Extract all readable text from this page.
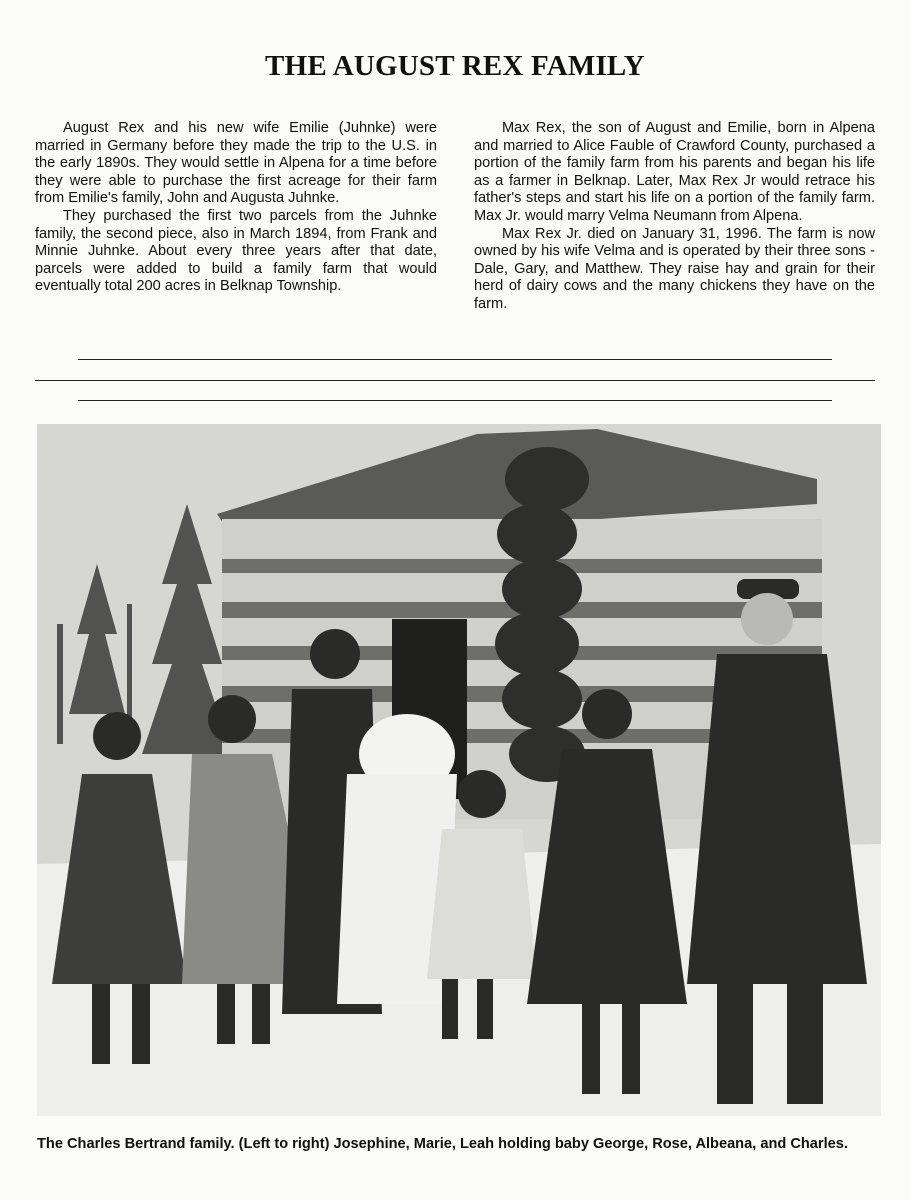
THE AUGUST REX FAMILY

August Rex and his new wife Emilie (Juhnke) were married in Germany before they made the trip to the U.S. in the early 1890s. They would settle in Alpena for a time before they were able to purchase the first acreage for their farm from Emilie's family, John and Augusta Juhnke.

They purchased the first two parcels from the Juhnke family, the second piece, also in March 1894, from Frank and Minnie Juhnke. About every three years after that date, parcels were added to build a family farm that would eventually total 200 acres in Belknap Township.

Max Rex, the son of August and Emilie, born in Alpena and married to Alice Fauble of Crawford County, purchased a portion of the family farm from his parents and began his life as a farmer in Belknap. Later, Max Rex Jr would retrace his father's steps and start his life on a portion of the family farm. Max Jr. would marry Velma Neumann from Alpena.

Max Rex Jr. died on January 31, 1996. The farm is now owned by his wife Velma and is operated by their three sons - Dale, Gary, and Matthew. They raise hay and grain for their herd of dairy cows and the many chickens they have on the farm.

The Charles Bertrand family. (Left to right) Josephine, Marie, Leah holding baby George, Rose, Albeana, and Charles.
